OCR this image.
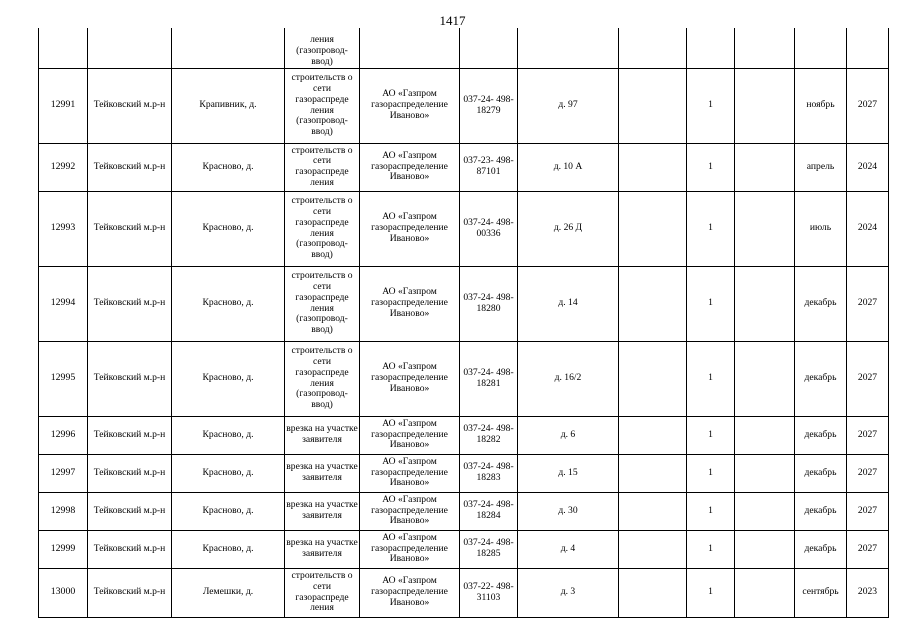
1417
			ления (газопровод- ввод)								
12991	Тейковский м.р-н	Крапивник, д.	строительств о сети газораспреде ления (газопровод- ввод)	АО «Газпром газораспределение Иваново»	037-24- 498-18279	д. 97		1		ноябрь	2027
12992	Тейковский м.р-н	Красново, д.	строительств о сети газораспреде ления	АО «Газпром газораспределение Иваново»	037-23- 498-87101	д. 10 А		1		апрель	2024
12993	Тейковский м.р-н	Красново, д.	строительств о сети газораспреде ления (газопровод- ввод)	АО «Газпром газораспределение Иваново»	037-24- 498-00336	д. 26 Д		1		июль	2024
12994	Тейковский м.р-н	Красново, д.	строительств о сети газораспреде ления (газопровод- ввод)	АО «Газпром газораспределение Иваново»	037-24- 498-18280	д. 14		1		декабрь	2027
12995	Тейковский м.р-н	Красново, д.	строительств о сети газораспреде ления (газопровод- ввод)	АО «Газпром газораспределение Иваново»	037-24- 498-18281	д. 16/2		1		декабрь	2027
12996	Тейковский м.р-н	Красново, д.	врезка на участке заявителя	АО «Газпром газораспределение Иваново»	037-24- 498-18282	д. 6		1		декабрь	2027
12997	Тейковский м.р-н	Красново, д.	врезка на участке заявителя	АО «Газпром газораспределение Иваново»	037-24- 498-18283	д. 15		1		декабрь	2027
12998	Тейковский м.р-н	Красново, д.	врезка на участке заявителя	АО «Газпром газораспределение Иваново»	037-24- 498-18284	д. 30		1		декабрь	2027
12999	Тейковский м.р-н	Красново, д.	врезка на участке заявителя	АО «Газпром газораспределение Иваново»	037-24- 498-18285	д. 4		1		декабрь	2027
13000	Тейковский м.р-н	Лемешки, д.	строительств о сети газораспреде ления	АО «Газпром газораспределение Иваново»	037-22- 498-31103	д. 3		1		сентябрь	2023
